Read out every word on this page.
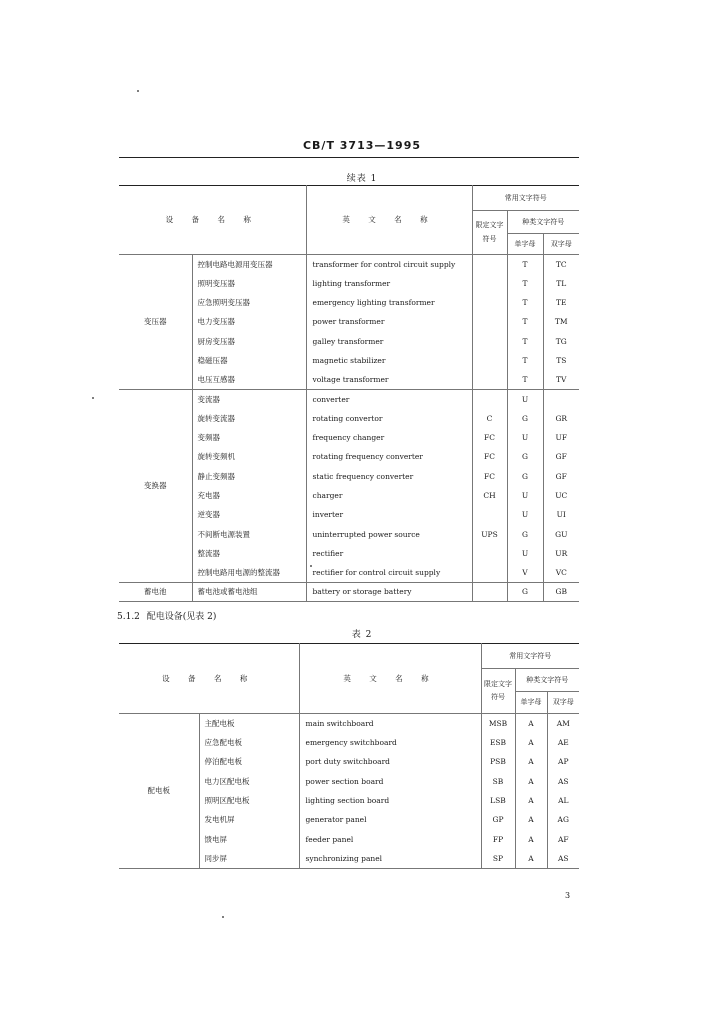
CB/T 3713—1995
续表 1
设 备 名 称		英 文 名 称	常用文字符号		
			限定文字符号	种类文字符号	
				单字母	双字母
变压器	控制电路电源用变压器	transformer for control circuit supply		T	TC
	照明变压器	lighting transformer		T	TL
	应急照明变压器	emergency lighting transformer		T	TE
	电力变压器	power transformer		T	TM
	厨房变压器	galley transformer		T	TG
	稳磁压器	magnetic stabilizer		T	TS
	电压互感器	voltage transformer		T	TV
变换器	变流器	converter		U	
	旋转变流器	rotating convertor	C	G	GR
	变频器	frequency changer	FC	U	UF
	旋转变频机	rotating frequency converter	FC	G	GF
	静止变频器	static frequency converter	FC	G	GF
	充电器	charger	CH	U	UC
	逆变器	inverter		U	UI
	不间断电源装置	uninterrupted power source	UPS	G	GU
	整流器	rectifier		U	UR
	控制电路用电源的整流器	rectifier for control circuit supply		V	VC
蓄电池	蓄电池或蓄电池组	battery or storage battery		G	GB
5.1.2 配电设备(见表 2)
表 2
设 备 名 称		英 文 名 称	常用文字符号		
			限定文字符号	种类文字符号	
				单字母	双字母
配电板	主配电板	main switchboard	MSB	A	AM
	应急配电板	emergency switchboard	ESB	A	AE
	停泊配电板	port duty switchboard	PSB	A	AP
	电力区配电板	power section board	SB	A	AS
	照明区配电板	lighting section board	LSB	A	AL
	发电机屏	generator panel	GP	A	AG
	馈电屏	feeder panel	FP	A	AF
	同步屏	synchronizing panel	SP	A	AS
3
